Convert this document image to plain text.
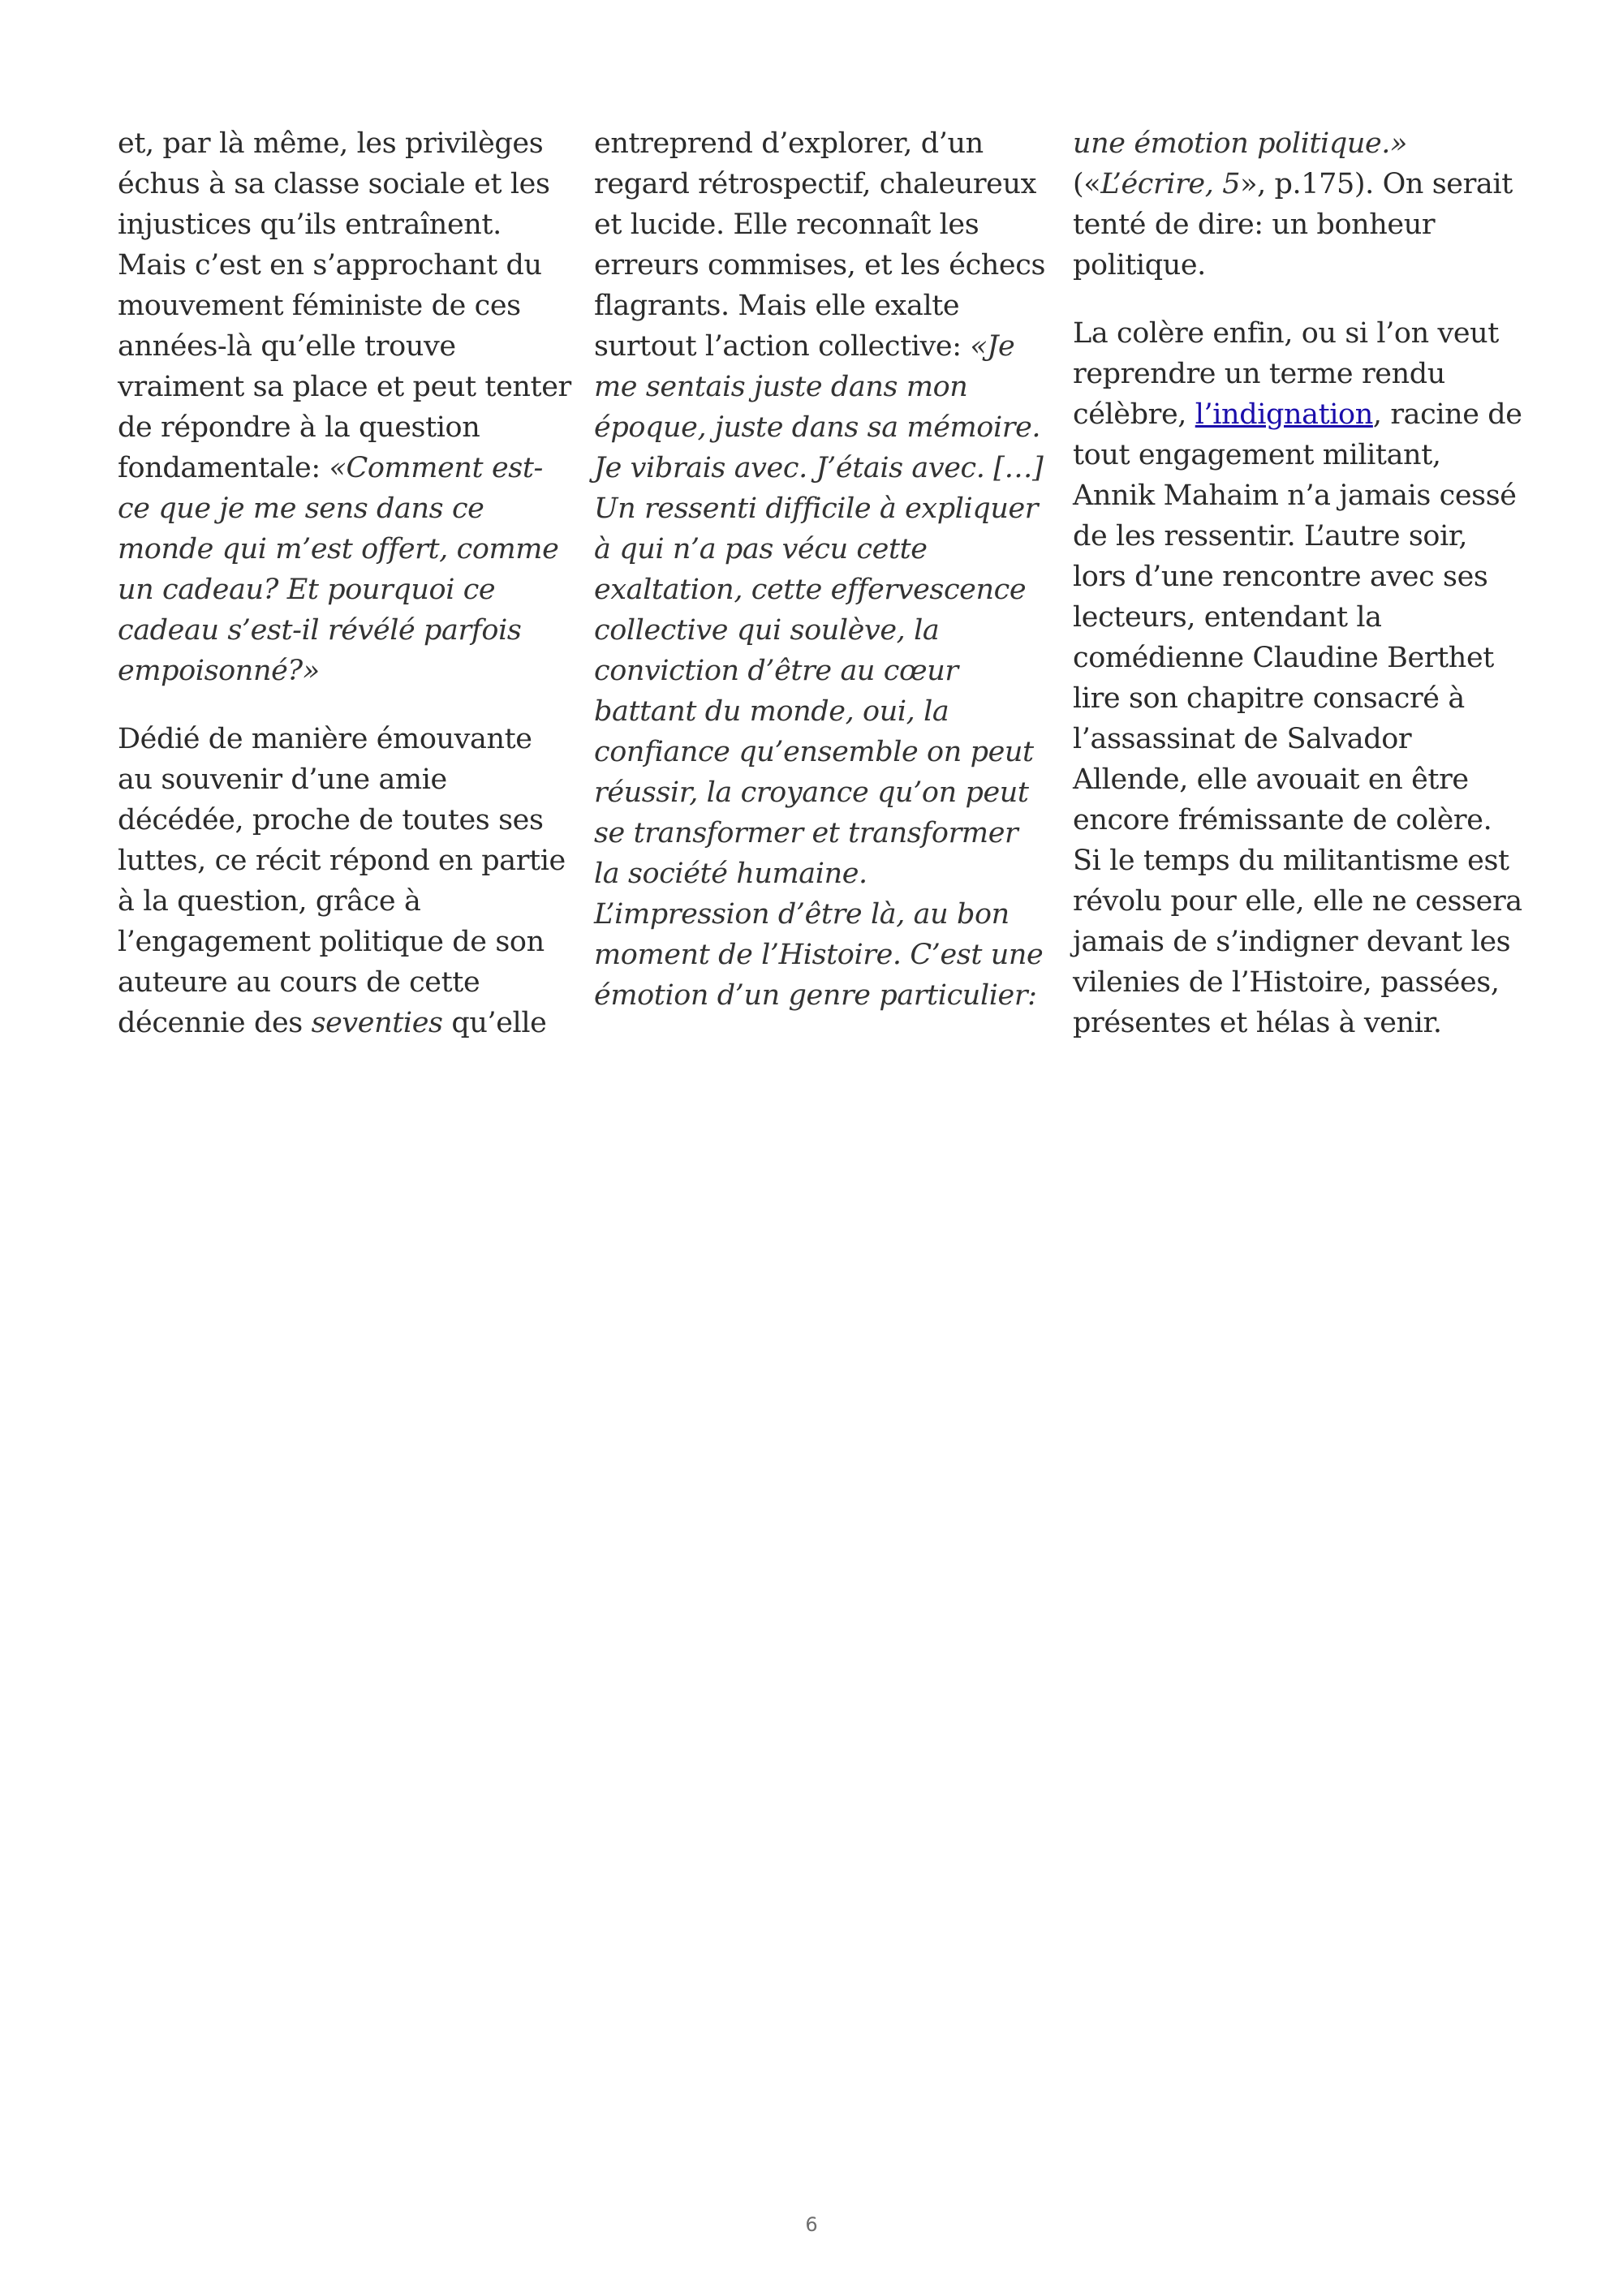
et, par là même, les privilèges échus à sa classe sociale et les injustices qu’ils entraînent. Mais c’est en s’approchant du mouvement féministe de ces années-là qu’elle trouve vraiment sa place et peut tenter de répondre à la question fondamentale: «Comment est-ce que je me sens dans ce monde qui m’est offert, comme un cadeau? Et pourquoi ce cadeau s’est-il révélé parfois empoisonné?»

Dédié de manière émouvante au souvenir d’une amie décédée, proche de toutes ses luttes, ce récit répond en partie à la question, grâce à l’engagement politique de son auteure au cours de cette décennie des seventies qu’elle

entreprend d’explorer, d’un regard rétrospectif, chaleureux et lucide. Elle reconnaît les erreurs commises, et les échecs flagrants. Mais elle exalte surtout l’action collective: «Je me sentais juste dans mon époque, juste dans sa mémoire. Je vibrais avec. J’étais avec. […] Un ressenti difficile à expliquer à qui n’a pas vécu cette exaltation, cette effervescence collective qui soulève, la conviction d’être au cœur battant du monde, oui, la confiance qu’ensemble on peut réussir, la croyance qu’on peut se transformer et transformer la société humaine. L’impression d’être là, au bon moment de l’Histoire. C’est une émotion d’un genre particulier:

une émotion politique.» («L’écrire, 5», p.175). On serait tenté de dire: un bonheur politique.

La colère enfin, ou si l’on veut reprendre un terme rendu célèbre, l’indignation, racine de tout engagement militant, Annik Mahaim n’a jamais cessé de les ressentir. L’autre soir, lors d’une rencontre avec ses lecteurs, entendant la comédienne Claudine Berthet lire son chapitre consacré à l’assassinat de Salvador Allende, elle avouait en être encore frémissante de colère. Si le temps du militantisme est révolu pour elle, elle ne cessera jamais de s’indigner devant les vilenies de l’Histoire, passées, présentes et hélas à venir.

6
